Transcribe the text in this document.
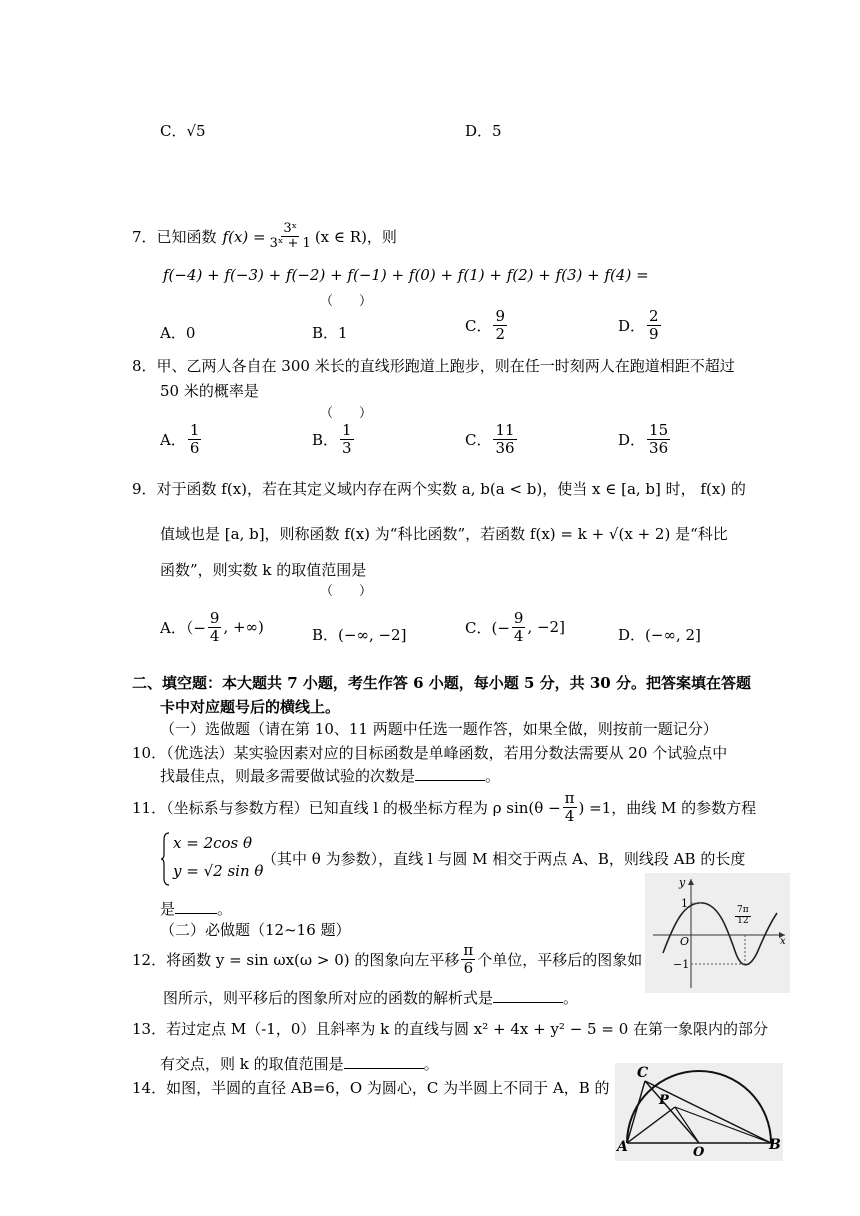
C．√5	D．5
7．已知函数 $f(x) = \frac{\text{3ˣ}}{\text{3ˣ + 1}} (x$ ∈ R)，则
f(−4) + f(−3) + f(−2) + f(−1) + f(0) + f(1) + f(2) + f(3) + f(4) =
（　　）
A．0	B．1	C． $\frac{9}{2}$	D． $\frac{2}{9}$
8．甲、乙两人各自在 300 米长的直线形跑道上跑步，则在任一时刻两人在跑道相距不超过
50 米的概率是
（　　）
A． $\frac{1}{6}$	B． $\frac{1}{3}$	C． $\frac{11}{36}$	D． $\frac{15}{36}$
9．对于函数 f(x)，若在其定义域内存在两个实数 a, b(a < b)，使当 x ∈ [a, b] 时， f(x) 的
值域也是 [a, b]，则称函数 f(x) 为“科比函数”，若函数 f(x) = k + √(x + 2) 是“科比
函数”，则实数 k 的取值范围是
（　　）
A．（− $\frac{9}{4}$ , +∞)	B．(−∞, −2]	C．(− $\frac{9}{4}$ , −2]	D．(−∞, 2]
二、填空题：本大题共 7 小题，考生作答 6 小题，每小题 5 分，共 30 分。把答案填在答题
卡中对应题号后的横线上。
（一）选做题（请在第 10、11 两题中任选一题作答，如果全做，则按前一题记分）
10．（优选法）某实验因素对应的目标函数是单峰函数，若用分数法需要从 20 个试验点中
找最佳点，则最多需要做试验的次数是	。
11．（坐标系与参数方程）已知直线 l 的极坐标方程为 ρ $\sin(\theta - \frac{\pi}{4}$ ) =1，曲线 M 的参数方程
x = 2cos θ
y = √2 sin θ
（其中 θ 为参数），直线 l 与圆 M 相交于两点 A、B，则线段 AB 的长度
是	。
（二）必做题（12~16 题）
y
x
1
−1
O
$\frac{7\pi}{12}$
12．将函数 y = sin ωx(ω > 0) 的图象向左平移 $\frac{\pi}{6}$ 个单位，平移后的图象如
图所示，则平移后的图象所对应的函数的解析式是	。
13．若过定点 M（-1，0）且斜率为 k 的直线与圆 x² + 4x + y² − 5 = 0 在第一象限内的部分
有交点，则 k 的取值范围是	。
14．如图，半圆的直径 AB=6，O 为圆心，C 为半圆上不同于 A，B 的
C
P
A	B
O
